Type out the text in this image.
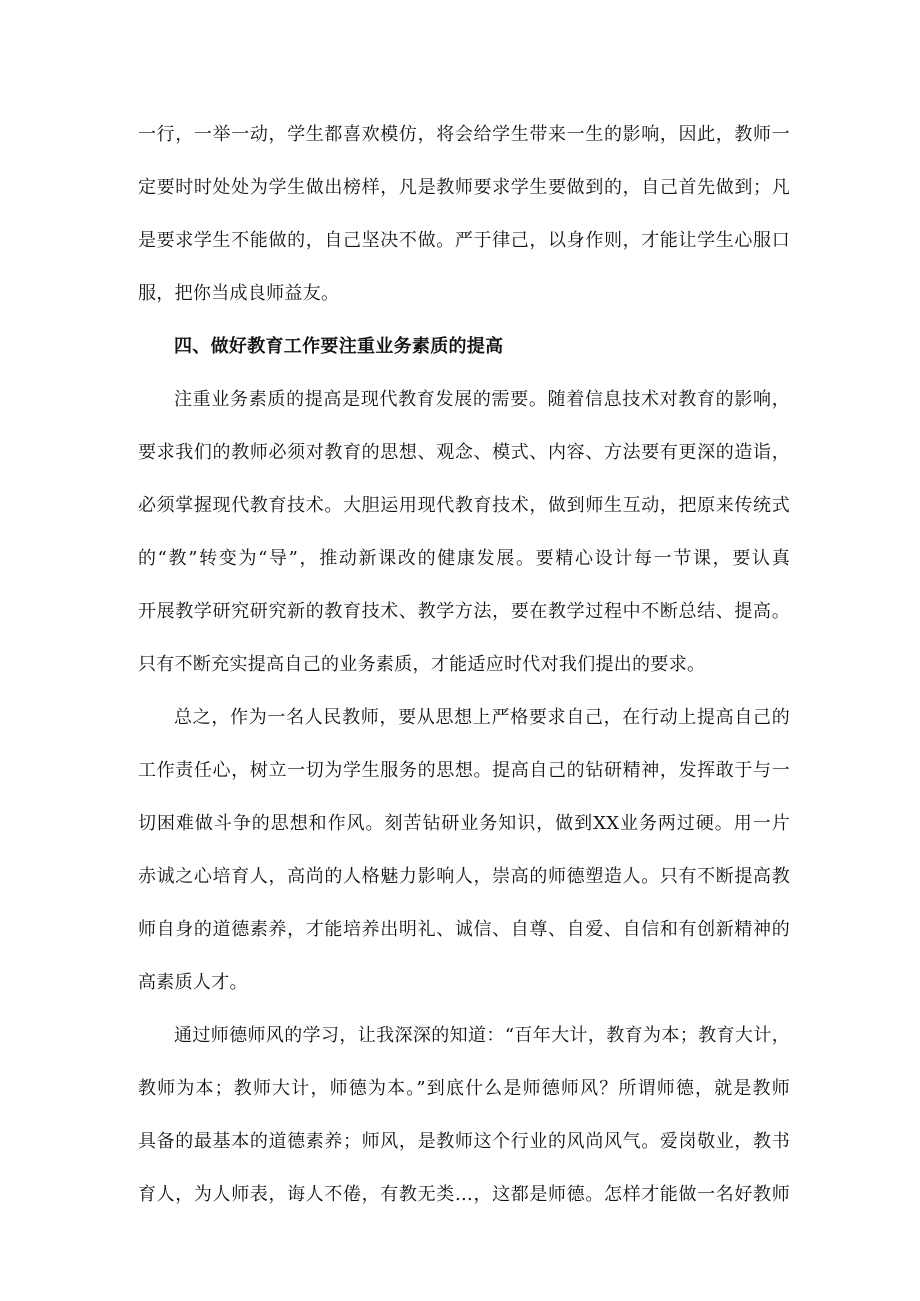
一行，一举一动，学生都喜欢模仿，将会给学生带来一生的影响，因此，教师一
定要时时处处为学生做出榜样，凡是教师要求学生要做到的，自己首先做到；凡
是要求学生不能做的，自己坚决不做。严于律己，以身作则，才能让学生心服口
服，把你当成良师益友。
四、做好教育工作要注重业务素质的提高
注重业务素质的提高是现代教育发展的需要。随着信息技术对教育的影响，
要求我们的教师必须对教育的思想、观念、模式、内容、方法要有更深的造诣，
必须掌握现代教育技术。大胆运用现代教育技术，做到师生互动，把原来传统式
的“教”转变为“导”，推动新课改的健康发展。要精心设计每一节课，要认真
开展教学研究研究新的教育技术、教学方法，要在教学过程中不断总结、提高。
只有不断充实提高自己的业务素质，才能适应时代对我们提出的要求。
总之，作为一名人民教师，要从思想上严格要求自己，在行动上提高自己的
工作责任心，树立一切为学生服务的思想。提高自己的钻研精神，发挥敢于与一
切困难做斗争的思想和作风。刻苦钻研业务知识，做到XX业务两过硬。用一片
赤诚之心培育人，高尚的人格魅力影响人，崇高的师德塑造人。只有不断提高教
师自身的道德素养，才能培养出明礼、诚信、自尊、自爱、自信和有创新精神的
高素质人才。
通过师德师风的学习，让我深深的知道：“百年大计，教育为本；教育大计，
教师为本；教师大计，师德为本。”到底什么是师德师风？所谓师德，就是教师
具备的最基本的道德素养；师风，是教师这个行业的风尚风气。爱岗敬业，教书
育人，为人师表，诲人不倦，有教无类…，这都是师德。怎样才能做一名好教师
